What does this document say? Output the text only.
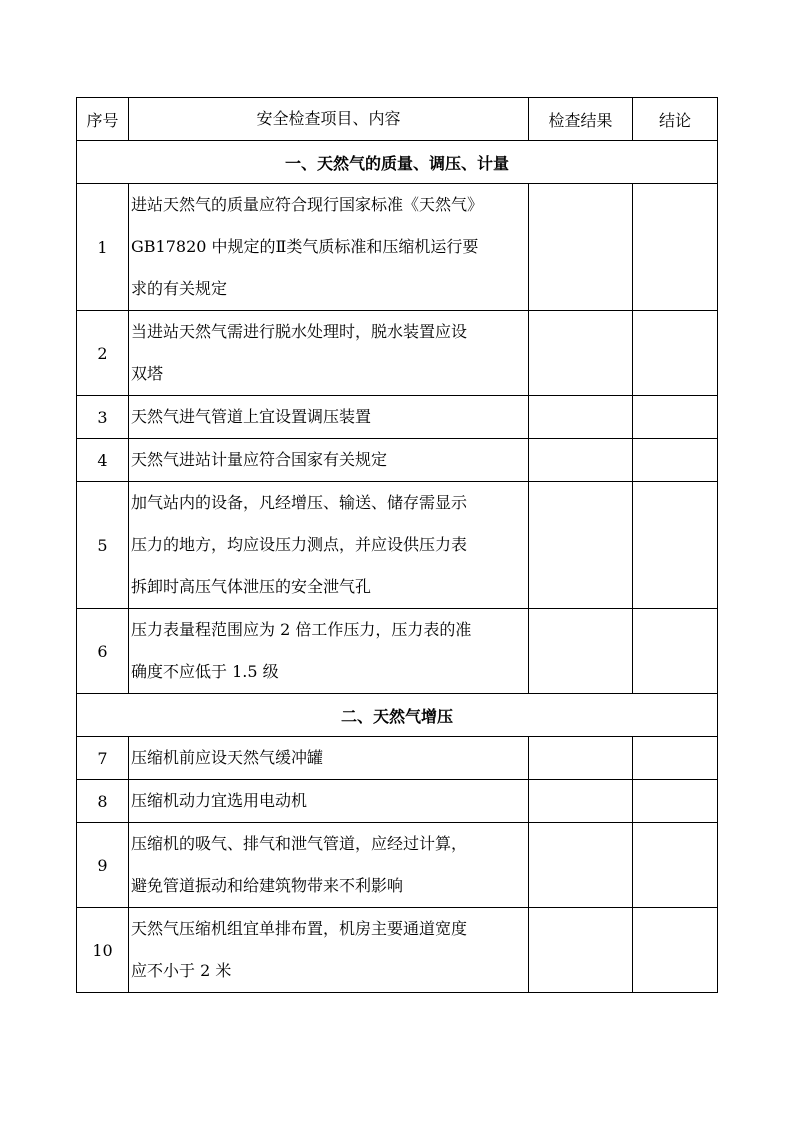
序号	安全检查项目、内容	检查结果	结论
一、天然气的质量、调压、计量			
1	进站天然气的质量应符合现行国家标准《天然气》
GB17820 中规定的Ⅱ类气质标准和压缩机运行要
求的有关规定		

2	当进站天然气需进行脱水处理时，脱水装置应设
双塔		

3	天然气进气管道上宜设置调压装置		

4	天然气进站计量应符合国家有关规定		

5	加气站内的设备，凡经增压、输送、储存需显示
压力的地方，均应设压力测点，并应设供压力表
拆卸时高压气体泄压的安全泄气孔		

6	压力表量程范围应为 2 倍工作压力，压力表的准
确度不应低于 1.5 级		

二、天然气增压			
7	压缩机前应设天然气缓冲罐		

8	压缩机动力宜选用电动机		

9	压缩机的吸气、排气和泄气管道，应经过计算，
避免管道振动和给建筑物带来不利影响		

10	天然气压缩机组宜单排布置，机房主要通道宽度
应不小于 2 米		
